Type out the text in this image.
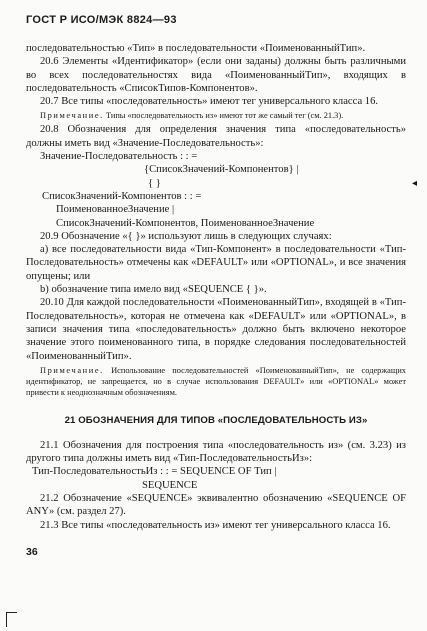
ГОСТ Р ИСО/МЭК 8824—93

последовательностью «Тип» в последовательности «ПоименованныйТип».

20.6 Элементы «Идентификатор» (если они заданы) должны быть различными во всех последовательностях вида «ПоименованныйТип», входящих в последовательность «СписокТипов-Компонентов».

20.7 Все типы «последовательность» имеют тег универсального класса 16.

Примечание. Типы «последовательность из» имеют тот же самый тег (см. 21.3).

20.8 Обозначения для определения значения типа «последовательность» должны иметь вид «Значение-Последовательность»:

Значение-Последовательность : : =
{СписокЗначений-Компонентов} |
{ }
СписокЗначений-Компонентов : : =
ПоименованноеЗначение |
СписокЗначений-Компонентов, ПоименованноеЗначение

20.9 Обозначение «{ }» используют лишь в следующих случаях:

а) все последовательности вида «Тип-Компонент» в последовательности «Тип-Последовательность» отмечены как «DEFAULT» или «OPTIONAL», и все значения опущены; или

b) обозначение типа имело вид «SEQUENCE { }».

20.10 Для каждой последовательности «ПоименованныйТип», входящей в «Тип-Последовательность», которая не отмечена как «DEFAULT» или «OPTIONAL», в записи значения типа «последовательность» должно быть включено некоторое значение этого поименованного типа, в порядке следования последовательностей «ПоименованныйТип».

Примечание. Использование последовательностей «ПоименованныйТип», не содержащих идентификатор, не запрещается, но в случае использования DEFAULT» или «OPTIONAL» может привести к неоднозначным обозначениям.

21 ОБОЗНАЧЕНИЯ ДЛЯ ТИПОВ «ПОСЛЕДОВАТЕЛЬНОСТЬ ИЗ»

21.1 Обозначения для построения типа «последовательность из» (см. 3.23) из другого типа должны иметь вид «Тип-ПоследовательностьИз»:

Тип-ПоследовательностьИз : : = SEQUENCE OF Тип |
SEQUENCE

21.2 Обозначение «SEQUENCE» эквивалентно обозначению «SEQUENCE OF ANY» (см. раздел 27).

21.3 Все типы «последовательность из» имеют тег универсального класса 16.

36
◂
